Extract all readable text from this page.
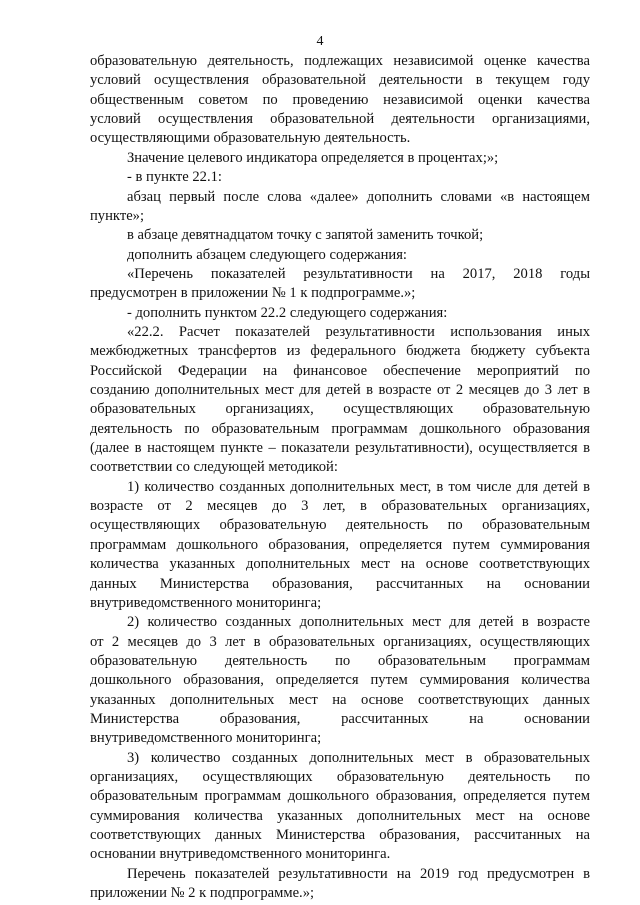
4
образовательную деятельность, подлежащих независимой оценке качества
условий осуществления образовательной деятельности в текущем году
общественным советом по проведению независимой оценки качества
условий осуществления образовательной деятельности организациями,
осуществляющими образовательную деятельность.
Значение целевого индикатора определяется в процентах;»;
- в пункте 22.1:
абзац первый после слова «далее» дополнить словами «в настоящем
пункте»;
в абзаце девятнадцатом точку с запятой заменить точкой;
дополнить абзацем следующего содержания:
«Перечень показателей результативности на 2017, 2018 годы
предусмотрен в приложении № 1 к подпрограмме.»;
- дополнить пунктом 22.2 следующего содержания:
«22.2. Расчет показателей результативности использования иных
межбюджетных трансфертов из федерального бюджета бюджету субъекта
Российской Федерации на финансовое обеспечение мероприятий по
созданию дополнительных мест для детей в возрасте от 2 месяцев до 3 лет в
образовательных организациях, осуществляющих образовательную
деятельность по образовательным программам дошкольного образования
(далее в настоящем пункте – показатели результативности), осуществляется в
соответствии со следующей методикой:
1) количество созданных дополнительных мест, в том числе для детей в
возрасте от 2 месяцев до 3 лет, в образовательных организациях,
осуществляющих образовательную деятельность по образовательным
программам дошкольного образования, определяется путем суммирования
количества указанных дополнительных мест на основе соответствующих
данных Министерства образования, рассчитанных на основании
внутриведомственного мониторинга;
2) количество созданных дополнительных мест для детей в возрасте
от 2 месяцев до 3 лет в образовательных организациях, осуществляющих
образовательную деятельность по образовательным программам
дошкольного образования, определяется путем суммирования количества
указанных дополнительных мест на основе соответствующих данных
Министерства образования, рассчитанных на основании
внутриведомственного мониторинга;
3) количество созданных дополнительных мест в образовательных
организациях, осуществляющих образовательную деятельность по
образовательным программам дошкольного образования, определяется путем
суммирования количества указанных дополнительных мест на основе
соответствующих данных Министерства образования, рассчитанных на
основании внутриведомственного мониторинга.
Перечень показателей результативности на 2019 год предусмотрен в
приложении № 2 к подпрограмме.»;
